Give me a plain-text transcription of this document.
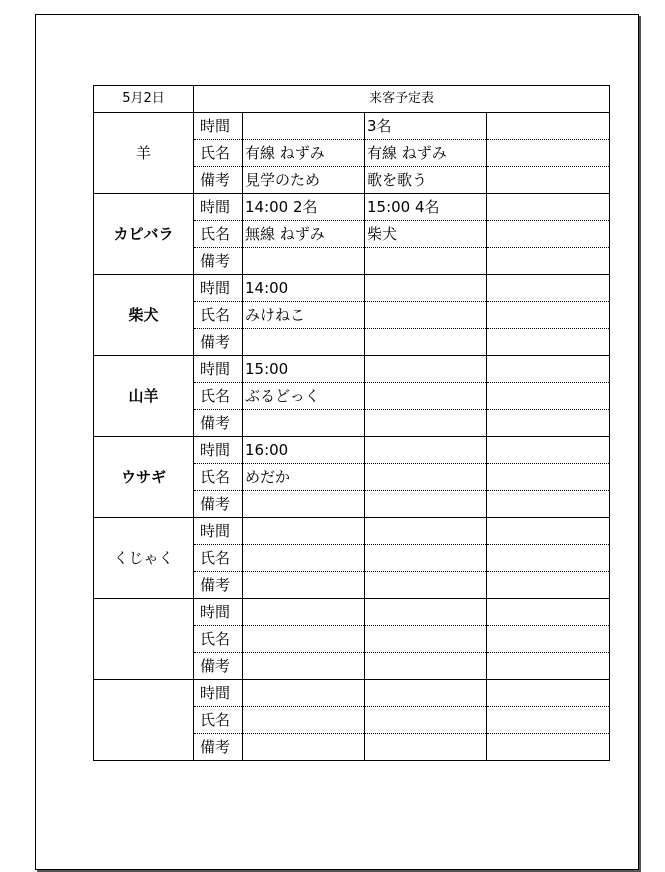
5月2日	来客予定表			
羊	時間		3名	
	氏名	有線 ねずみ	有線 ねずみ	
	備考	見学のため	歌を歌う	
カピバラ	時間	14:00 2名	15:00 4名	
	氏名	無線 ねずみ	柴犬	
	備考			
柴犬	時間	14:00		
	氏名	みけねこ		
	備考			
山羊	時間	15:00		
	氏名	ぶるどっく		
	備考			
ウサギ	時間	16:00		
	氏名	めだか		
	備考			
くじゃく	時間			
	氏名			
	備考			
	時間			
	氏名			
	備考			
	時間			
	氏名			
	備考			
